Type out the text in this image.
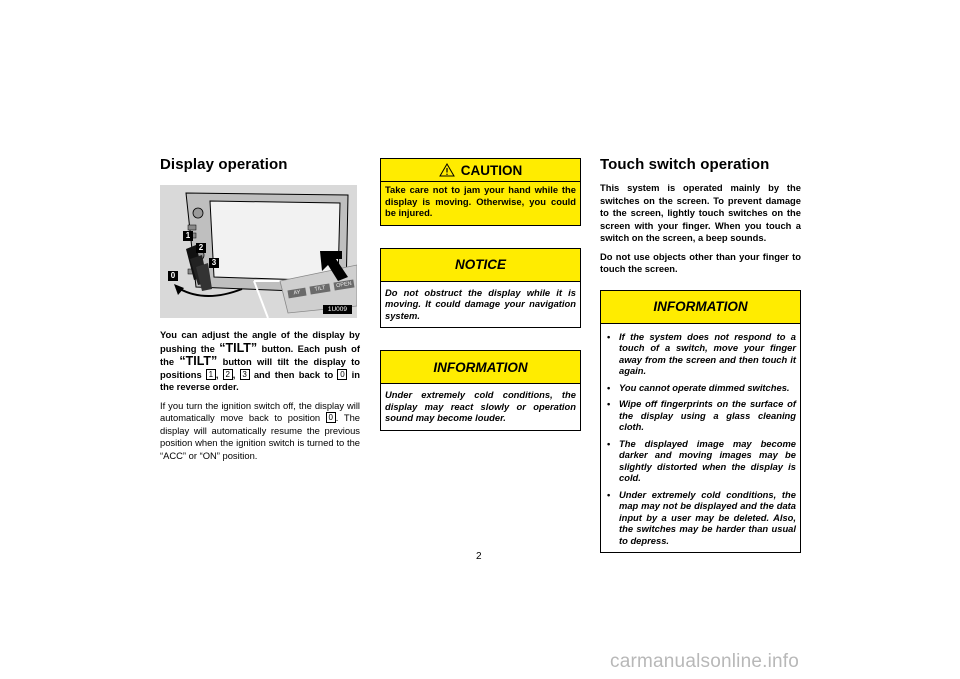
Display operation
1
2
3
0
AY
TILT	OPEN
1U009

You can adjust the angle of the display by pushing the “TILT” button. Each push of the “TILT” button will tilt the display to positions 1 , 2 , 3 and then back to 0 in the reverse order.

If you turn the ignition switch off, the display will automatically move back to position 0 . The display will automatically resume the previous position when the ignition switch is turned to the “ACC” or “ON” position.

CAUTION
Take care not to jam your hand while the display is moving. Otherwise, you could be injured.
NOTICE
Do not obstruct the display while it is moving. It could damage your navigation system.
INFORMATION
Under extremely cold conditions, the display may react slowly or operation sound may become louder.
Touch switch operation

This system is operated mainly by the switches on the screen. To prevent damage to the screen, lightly touch switches on the screen with your finger. When you touch a switch on the screen, a beep sounds.

Do not use objects other than your finger to touch the screen.

INFORMATION
• If the system does not respond to a touch of a switch, move your finger away from the screen and then touch it again.
• You cannot operate dimmed switches.
• Wipe off fingerprints on the surface of the display using a glass cleaning cloth.
• The displayed image may become darker and moving images may be slightly distorted when the display is cold.
• Under extremely cold conditions, the map may not be displayed and the data input by a user may be deleted. Also, the switches may be harder than usual to depress.
2
carmanualsonline.info
